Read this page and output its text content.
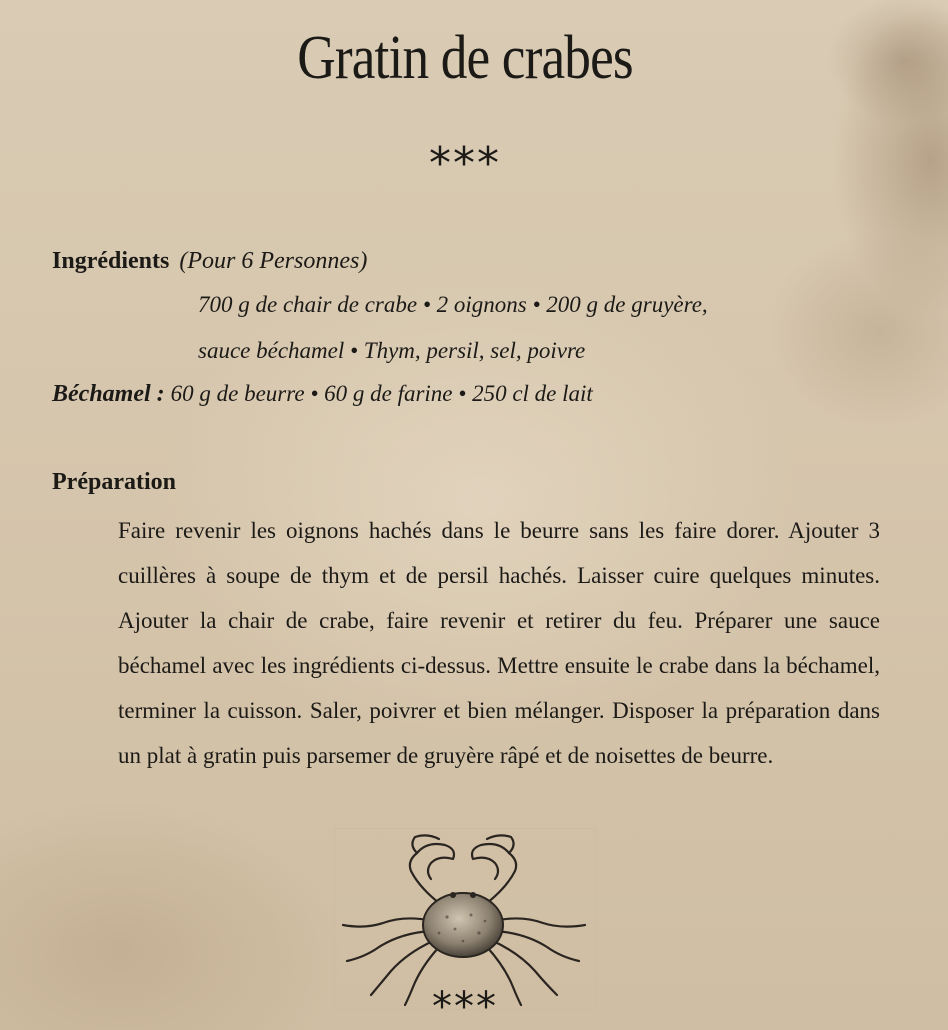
Gratin de crabes
***
Ingrédients (Pour 6 Personnes)
700 g de chair de crabe • 2 oignons • 200 g de gruyère,
sauce béchamel • Thym, persil, sel, poivre
Béchamel : 60 g de beurre • 60 g de farine • 250 cl de lait
Préparation

Faire revenir les oignons hachés dans le beurre sans les faire dorer. Ajouter 3 cuillères à soupe de thym et de persil hachés. Laisser cuire quelques minutes. Ajouter la chair de crabe, faire revenir et retirer du feu. Préparer une sauce béchamel avec les ingrédients ci-dessus. Mettre ensuite le crabe dans la béchamel, terminer la cuisson. Saler, poivrer et bien mélanger. Disposer la préparation dans un plat à gratin puis parsemer de gruyère râpé et de noisettes de beurre.

***
